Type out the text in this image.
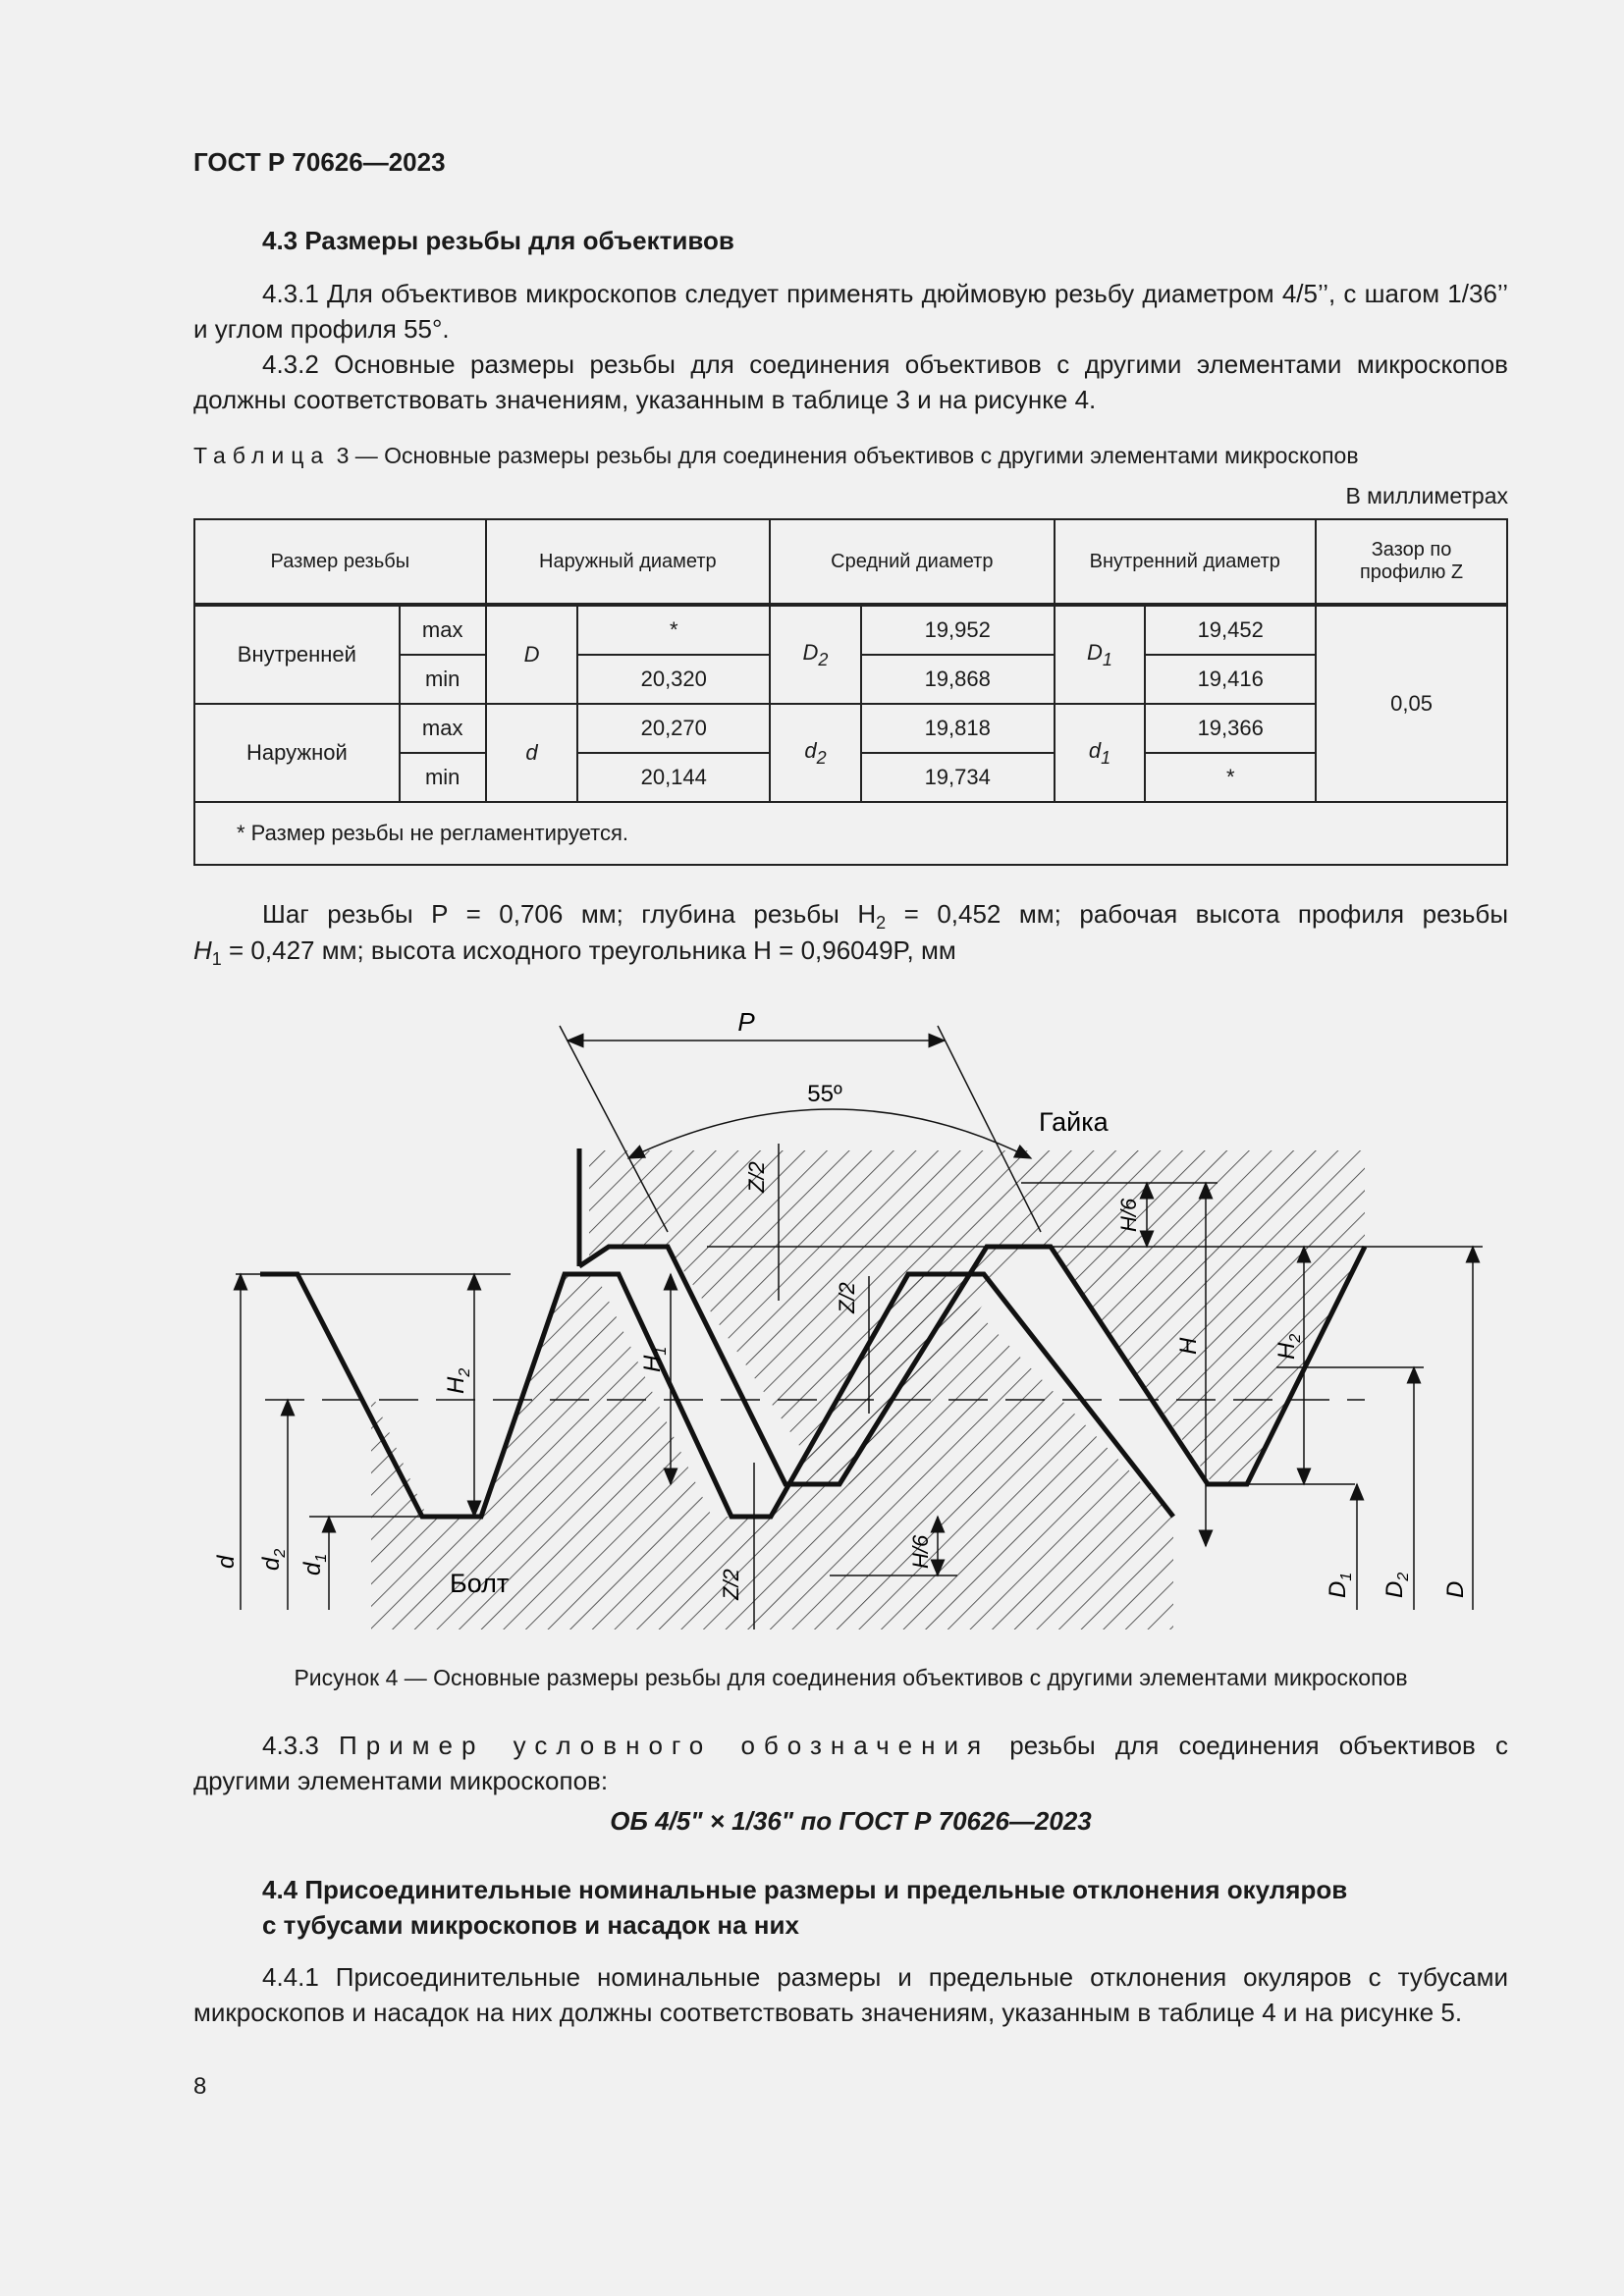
ГОСТ Р 70626—2023
4.3 Размеры резьбы для объективов
4.3.1 Для объективов микроскопов следует применять дюймовую резьбу диаметром 4/5’’, с шагом 1/36’’ и углом профиля 55°.
4.3.2 Основные размеры резьбы для соединения объективов с другими элементами микроскопов должны соответствовать значениям, указанным в таблице 3 и на рисунке 4.
Таблица 3 — Основные размеры резьбы для соединения объективов с другими элементами микроскопов
В миллиметрах
Размер резьбы		Наружный диаметр		Средний диаметр		Внутренний диаметр		Зазор по профилю Z
Внутренней	max	D	*	$D_2$	19,952	$D_1$	19,452	0,05
	min		20,320		19,868		19,416	
Наружной	max	d	20,270	$d_2$	19,818	$d_1$	19,366	
	min		20,144		19,734		*	
* Размер резьбы не регламентируется.								
Шаг резьбы P = 0,706 мм; глубина резьбы $H_2 = 0,452$ мм; рабочая высота профиля резьбы
$H_1 = 0,427$ мм; высота исходного треугольника H = 0,96049P, мм
P
55º
Гайка
Болт
d $d_2$
$d_1$
$H_2$
$H_1$
Z/2
Z/2
Z/2
H/6
H/6
H	$H_2$
$D_1$
$D_2$
D
Рисунок 4 — Основные размеры резьбы для соединения объективов с другими элементами микроскопов
4.3.3 Пример условного обозначения резьбы для соединения объективов с другими элементами микроскопов:
ОБ 4/5" × 1/36" по ГОСТ Р 70626—2023
4.4 Присоединительные номинальные размеры и предельные отклонения окуляров
с тубусами микроскопов и насадок на них
4.4.1 Присоединительные номинальные размеры и предельные отклонения окуляров с тубусами микроскопов и насадок на них должны соответствовать значениям, указанным в таблице 4 и на рисунке 5.
8
